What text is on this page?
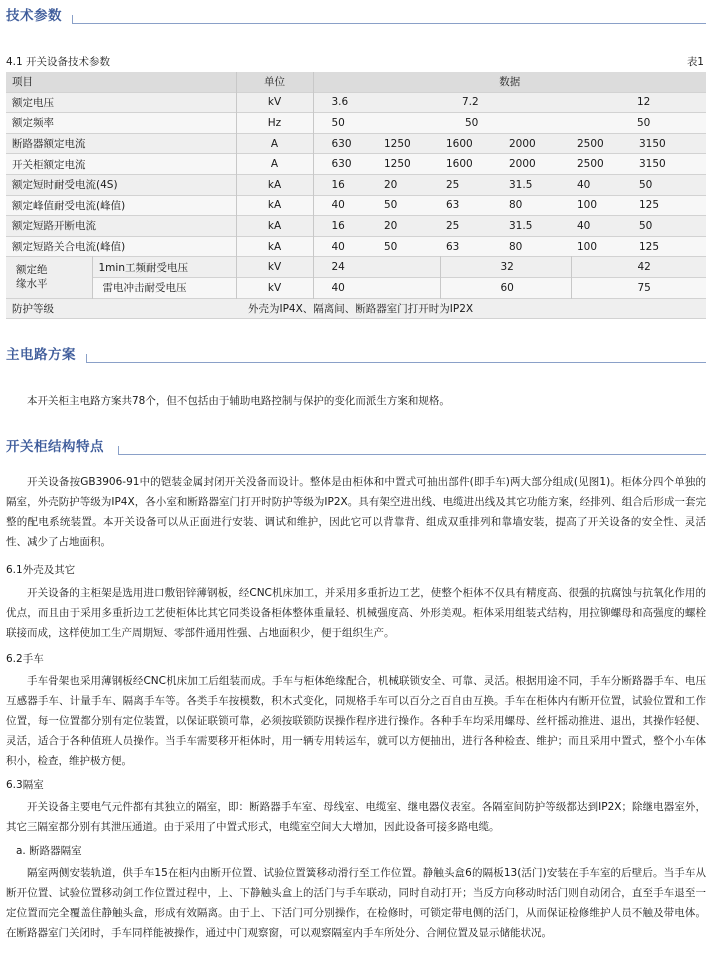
技术参数
4.1 开关设备技术参数	表1
项目		单位	数据					
额定电压		kV	3.6		7.2		12	
额定频率		Hz	50		50		50	
断路器额定电流		A	630	1250	1600	2000	2500	3150
开关柜额定电流		A	630	1250	1600	2000	2500	3150
额定短时耐受电流(4S)		kA	16	20	25	31.5	40	50
额定峰值耐受电流(峰值)		kA	40	50	63	80	100	125
额定短路开断电流		kA	16	20	25	31.5	40	50
额定短路关合电流(峰值)		kA	40	50	63	80	100	125

额定绝
缘水平	1min工频耐受电压	kV	24		32		42	
	雷电冲击耐受电压	kV	40		60		75	
防护等级		外壳为IP4X、隔离间、断路器室门打开时为IP2X						
主电路方案
本开关柜主电路方案共78个，但不包括由于辅助电路控制与保护的变化而派生方案和规格。
开关柜结构特点
开关设备按GB3906-91中的铠装金属封闭开关没备而设计。整体是由柜体和中置式可抽出部件(即手车)两大部分组成(见图1)。柜体分四个单独的隔室，外壳防护等级为IP4X，各小室和断路器室门打开时防护等级为IP2X。具有架空进出线、电缆进出线及其它功能方案，经排列、组合后形成一套完整的配电系统装置。本开关设备可以从正面进行安装、调试和维护，因此它可以背靠背、组成双重排列和靠墙安装，提高了开关设备的安全性、灵活性、减少了占地面积。
6.1外壳及其它
开关设备的主柜架是选用进口敷铝锌薄钢板，经CNC机床加工，并采用多重折边工艺，使整个柜体不仅具有精度高、很强的抗腐蚀与抗氧化作用的优点，而且由于采用多重折边工艺使柜体比其它同类设备柜体整体重量轻、机械强度高、外形美观。柜体采用组装式结构，用拉铆螺母和高强度的螺栓联接而成，这样使加工生产周期短、零部件通用性强、占地面积少，便于组织生产。
6.2手车
手车骨架也采用薄钢板经CNC机床加工后组装而成。手车与柜体绝缘配合，机械联锁安全、可靠、灵活。根据用途不同，手车分断路器手车、电压互感器手车、计量手车、隔离手车等。各类手车按模数，积木式变化，同规格手车可以百分之百自由互换。手车在柜体内有断开位置，试验位置和工作位置，每一位置都分别有定位装置，以保证联锁可靠，必须按联锁防误操作程序进行操作。各种手车均采用螺母、丝杆摇动推进、退出，其操作轻便、灵活，适合于各种值班人员操作。当手车需要移开柜体时，用一辆专用转运车，就可以方便抽出，进行各种检查、维护；而且采用中置式，整个小车体积小，检查，维护极方便。
6.3隔室
开关设备主要电气元件都有其独立的隔室，即：断路器手车室、母线室、电缆室、继电器仪表室。各隔室间防护等级都达到IP2X；除继电器室外，其它三隔室都分别有其泄压通道。由于采用了中置式形式，电缆室空间大大增加，因此设备可接多路电缆。
a. 断路器隔室
隔室两侧安装轨道，供手车15在柜内由断开位置、试验位置簧移动滑行至工作位置。静触头盒6的隔板13(活门)安装在手车室的后壁后。当手车从断开位置、试验位置移动剑工作位置过程中，上、下静触头盒上的活门与手车联动，同时自动打开；当反方向移动时活门则自动闭合，直至手车退至一定位置而完全覆盖住静触头盒，形成有效隔离。由于上、下活门可分别操作，在检修时，可锁定带电侧的活门，从而保证检修维护人员不触及带电体。在断路器室门关闭时，手车同样能被操作，通过中门观察窗，可以观察隔室内手车所处分、合闸位置及显示储能状况。
